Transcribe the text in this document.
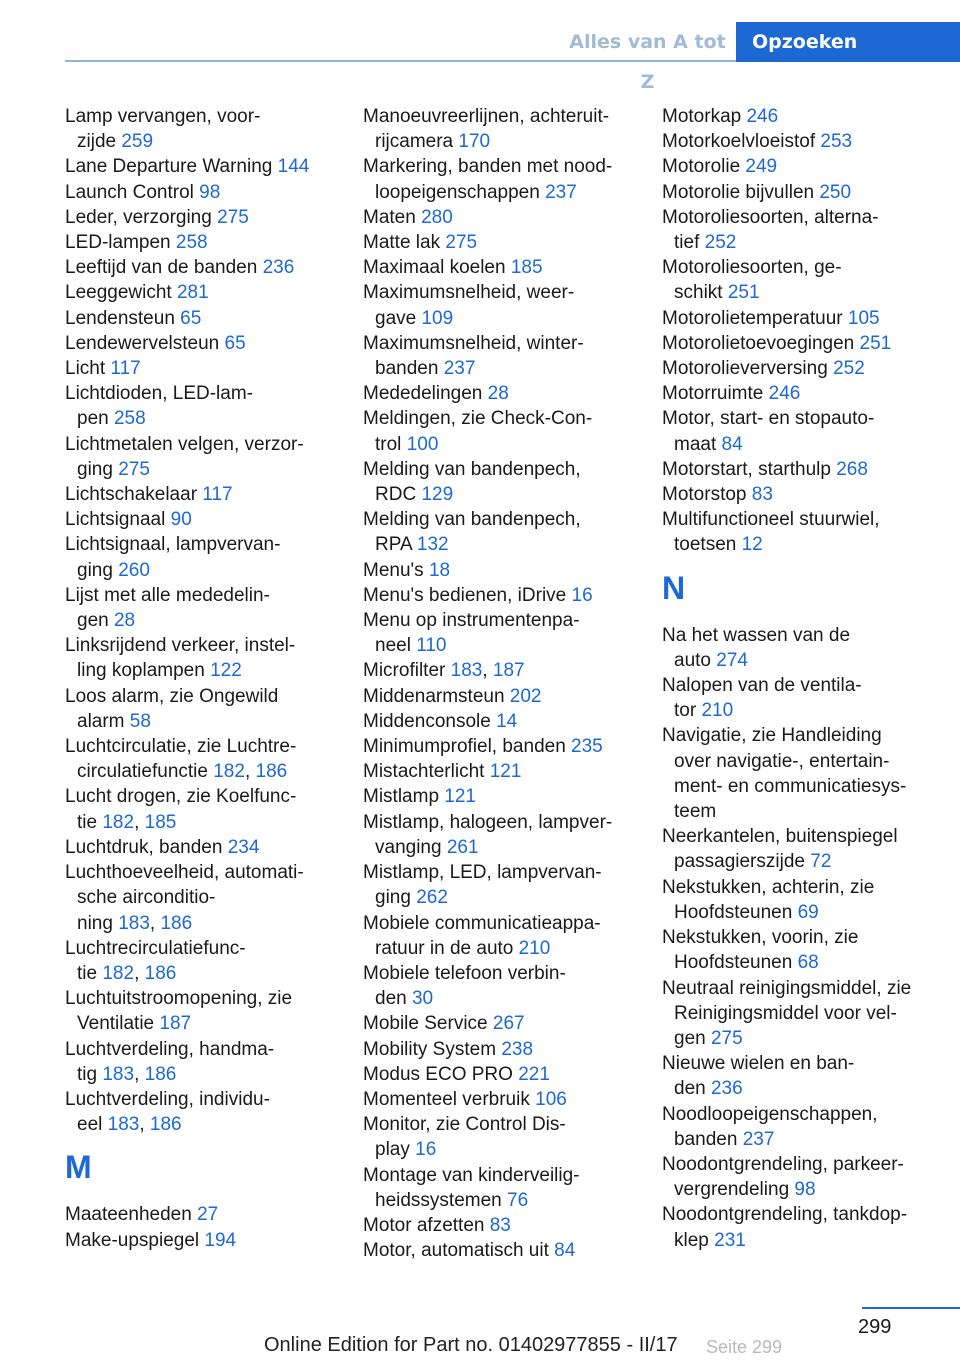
Alles van A tot Z
Opzoeken
Lamp vervangen, voor-
zijde 259
Lane Departure Warning 144
Launch Control 98
Leder, verzorging 275
LED-lampen 258
Leeftijd van de banden 236
Leeggewicht 281
Lendensteun 65
Lendewervelsteun 65
Licht 117
Lichtdioden, LED-lam-
pen 258
Lichtmetalen velgen, verzor-
ging 275
Lichtschakelaar 117
Lichtsignaal 90
Lichtsignaal, lampvervan-
ging 260
Lijst met alle mededelin-
gen 28
Linksrijdend verkeer, instel-
ling koplampen 122
Loos alarm, zie Ongewild
alarm 58
Luchtcirculatie, zie Luchtre-
circulatiefunctie 182, 186
Lucht drogen, zie Koelfunc-
tie 182, 185
Luchtdruk, banden 234
Luchthoeveelheid, automati-
sche airconditio-
ning 183, 186
Luchtrecirculatiefunc-
tie 182, 186
Luchtuitstroomopening, zie
Ventilatie 187
Luchtverdeling, handma-
tig 183, 186
Luchtverdeling, individu-
eel 183, 186
M
Maateenheden 27
Make-upspiegel 194
Manoeuvreerlijnen, achteruit-
rijcamera 170
Markering, banden met nood-
loopeigenschappen 237
Maten 280
Matte lak 275
Maximaal koelen 185
Maximumsnelheid, weer-
gave 109
Maximumsnelheid, winter-
banden 237
Mededelingen 28
Meldingen, zie Check-Con-
trol 100
Melding van bandenpech,
RDC 129
Melding van bandenpech,
RPA 132
Menu's 18
Menu's bedienen, iDrive 16
Menu op instrumentenpa-
neel 110
Microfilter 183, 187
Middenarmsteun 202
Middenconsole 14
Minimumprofiel, banden 235
Mistachterlicht 121
Mistlamp 121
Mistlamp, halogeen, lampver-
vanging 261
Mistlamp, LED, lampvervan-
ging 262
Mobiele communicatieappa-
ratuur in de auto 210
Mobiele telefoon verbin-
den 30
Mobile Service 267
Mobility System 238
Modus ECO PRO 221
Momenteel verbruik 106
Monitor, zie Control Dis-
play 16
Montage van kinderveilig-
heidssystemen 76
Motor afzetten 83
Motor, automatisch uit 84
Motorkap 246
Motorkoelvloeistof 253
Motorolie 249
Motorolie bijvullen 250
Motoroliesoorten, alterna-
tief 252
Motoroliesoorten, ge-
schikt 251
Motorolietemperatuur 105
Motorolietoevoegingen 251
Motorolieverversing 252
Motorruimte 246
Motor, start- en stopauto-
maat 84
Motorstart, starthulp 268
Motorstop 83
Multifunctioneel stuurwiel,
toetsen 12
N
Na het wassen van de
auto 274
Nalopen van de ventila-
tor 210
Navigatie, zie Handleiding
over navigatie-, entertain-
ment- en communicatiesys-
teem
Neerkantelen, buitenspiegel
passagierszijde 72
Nekstukken, achterin, zie
Hoofdsteunen 69
Nekstukken, voorin, zie
Hoofdsteunen 68
Neutraal reinigingsmiddel, zie
Reinigingsmiddel voor vel-
gen 275
Nieuwe wielen en ban-
den 236
Noodloopeigenschappen,
banden 237
Noodontgrendeling, parkeer-
vergrendeling 98
Noodontgrendeling, tankdop-
klep 231
299
Seite 299
Online Edition for Part no. 01402977855 - II/17
